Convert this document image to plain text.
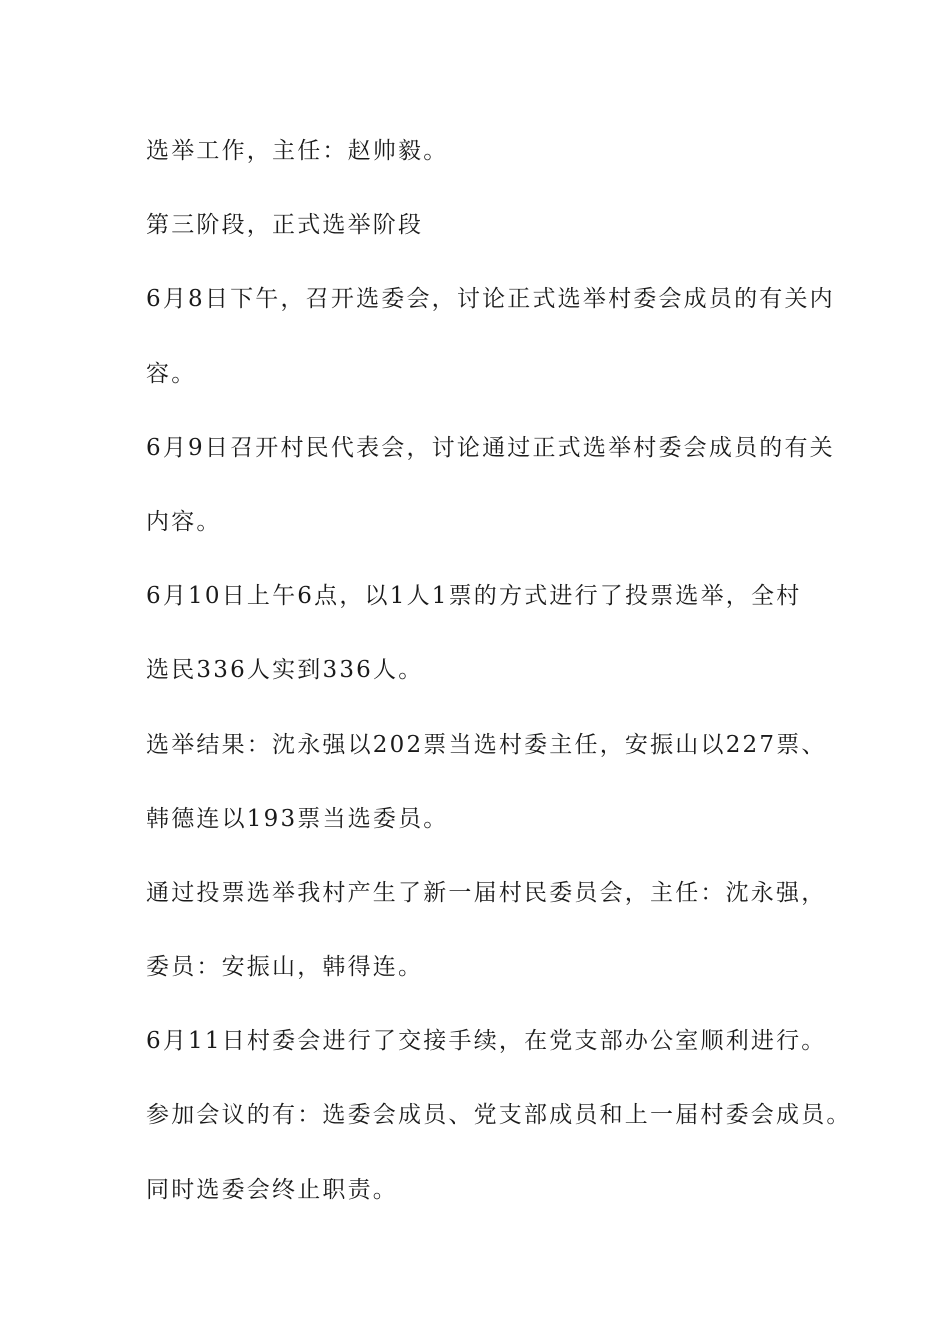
选举工作，主任：赵帅毅。

第三阶段，正式选举阶段

6月8日下午，召开选委会，讨论正式选举村委会成员的有关内

容。

6月9日召开村民代表会，讨论通过正式选举村委会成员的有关

内容。

6月10日上午6点，以1人1票的方式进行了投票选举，全村

选民336人实到336人。

选举结果：沈永强以202票当选村委主任，安振山以227票、

韩德连以193票当选委员。

通过投票选举我村产生了新一届村民委员会，主任：沈永强，

委员：安振山，韩得连。

6月11日村委会进行了交接手续，在党支部办公室顺利进行。

参加会议的有：选委会成员、党支部成员和上一届村委会成员。

同时选委会终止职责。
